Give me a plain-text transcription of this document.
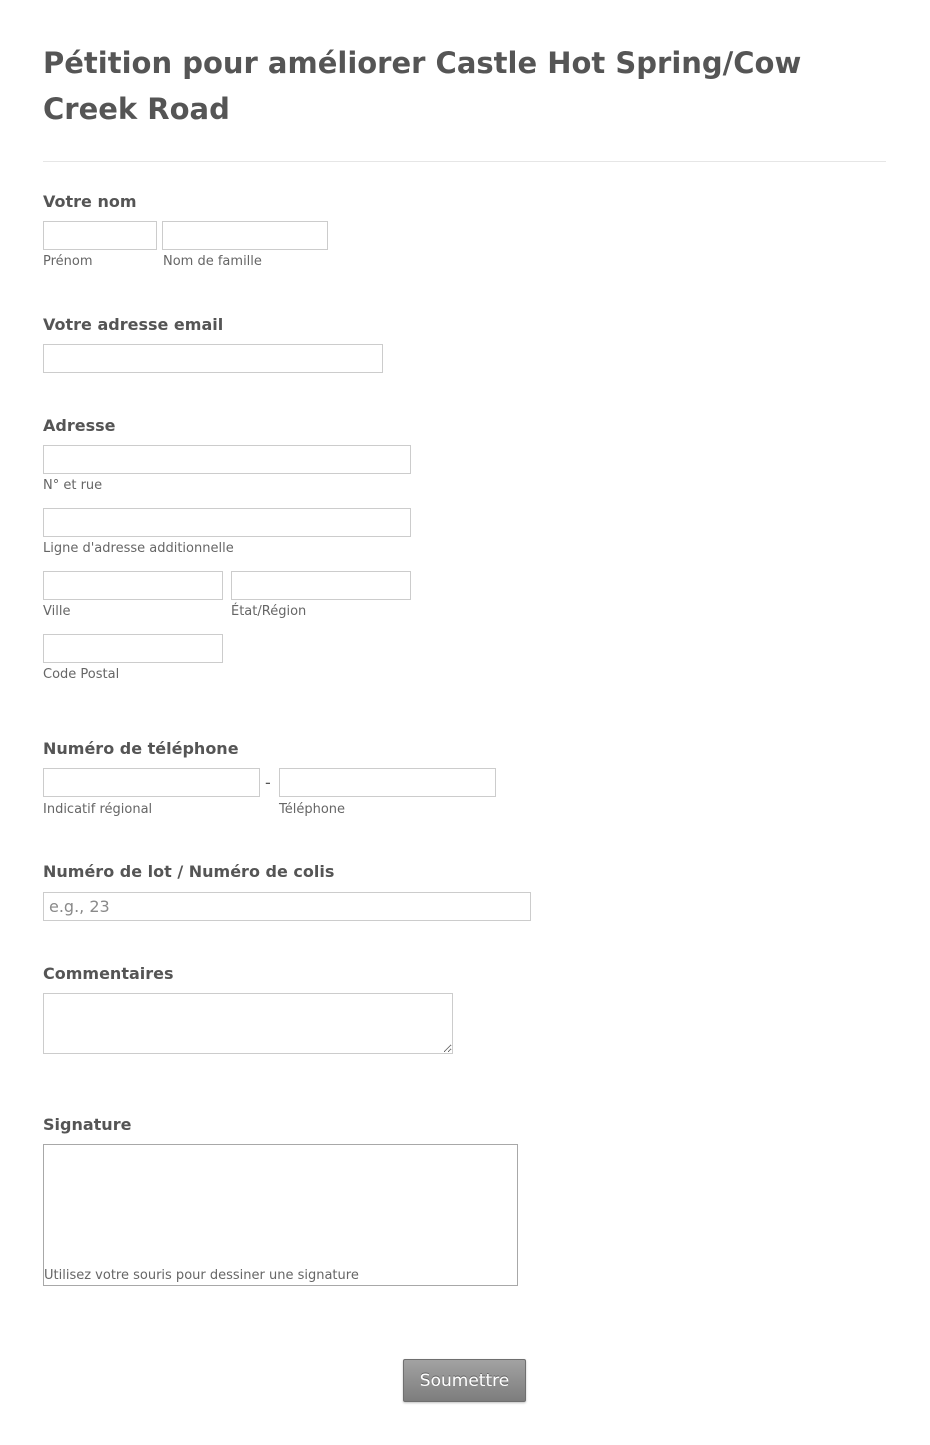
Pétition pour améliorer Castle Hot Spring/Cow Creek Road
Votre nom
Prénom	Nom de famille
Votre adresse email
Adresse
N° et rue
Ligne d'adresse additionnelle
Ville	État/Région
Code Postal
Numéro de téléphone
-
Indicatif régional	Téléphone
Numéro de lot / Numéro de colis
e.g., 23
Commentaires
Signature
Utilisez votre souris pour dessiner une signature
Soumettre
